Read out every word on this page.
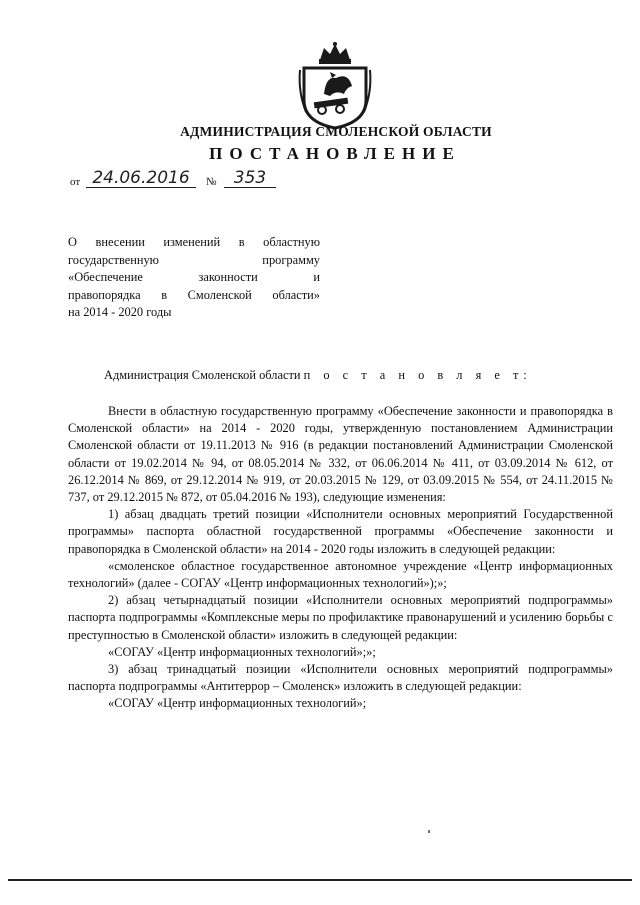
АДМИНИСТРАЦИЯ СМОЛЕНСКОЙ ОБЛАСТИ
ПОСТАНОВЛЕНИЕ
от 24.06.2016	№	353
О внесении изменений в областную
государственную программу
«Обеспечение законности и
правопорядка в Смоленской области»
на 2014 - 2020 годы
Администрация Смоленской области п о с т а н о в л я е т:

Внести в областную государственную программу «Обеспечение законности и правопорядка в Смоленской области» на 2014 - 2020 годы, утвержденную постановлением Администрации Смоленской области от 19.11.2013 № 916 (в редакции постановлений Администрации Смоленской области от 19.02.2014 № 94, от 08.05.2014 № 332, от 06.06.2014 № 411, от 03.09.2014 № 612, от 26.12.2014 № 869, от 29.12.2014 № 919, от 20.03.2015 № 129, от 03.09.2015 № 554, от 24.11.2015 № 737, от 29.12.2015 № 872, от 05.04.2016 № 193), следующие изменения:

1) абзац двадцать третий позиции «Исполнители основных мероприятий Государственной программы» паспорта областной государственной программы «Обеспечение законности и правопорядка в Смоленской области» на 2014 - 2020 годы изложить в следующей редакции:

«смоленское областное государственное автономное учреждение «Центр информационных технологий» (далее - СОГАУ «Центр информационных технологий»);»;

2) абзац четырнадцатый позиции «Исполнители основных мероприятий подпрограммы» паспорта подпрограммы «Комплексные меры по профилактике правонарушений и усилению борьбы с преступностью в Смоленской области» изложить в следующей редакции:

«СОГАУ «Центр информационных технологий»;»;

3) абзац тринадцатый позиции «Исполнители основных мероприятий подпрограммы» паспорта подпрограммы «Антитеррор – Смоленск» изложить в следующей редакции:

«СОГАУ «Центр информационных технологий»;
